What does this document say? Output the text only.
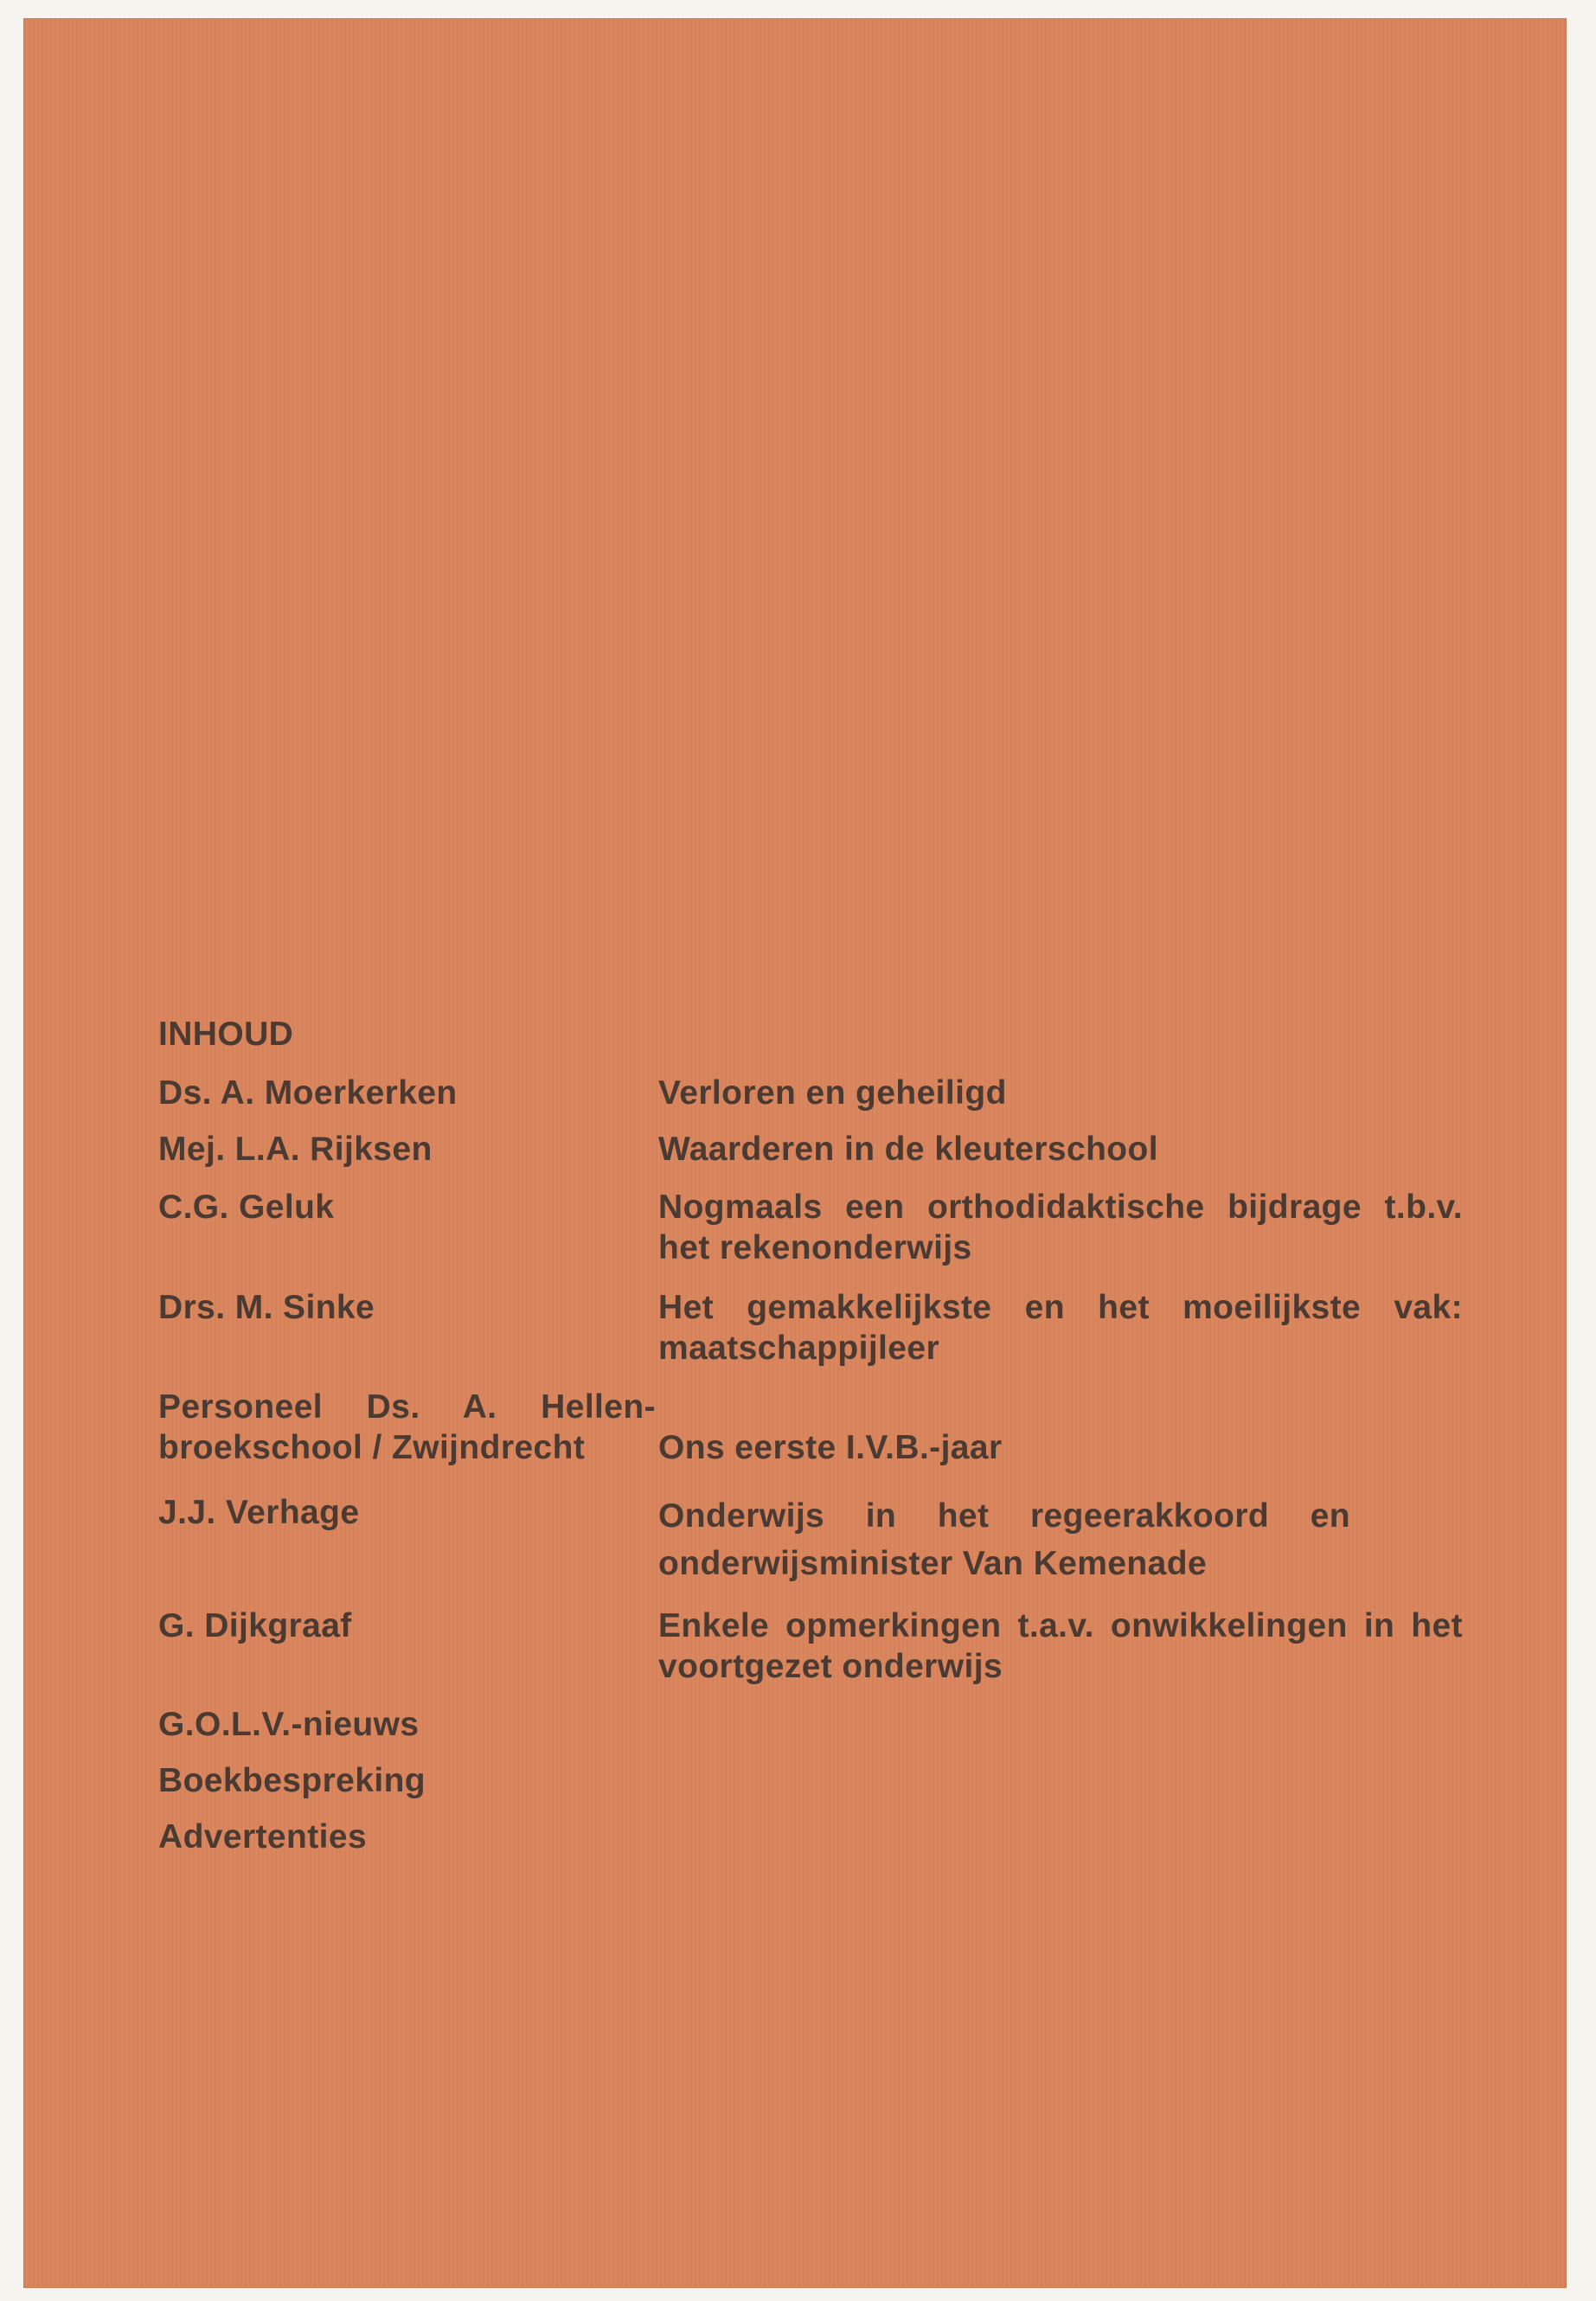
INHOUD
Ds. A. Moerkerken	Verloren en geheiligd
Mej. L.A. Rijksen	Waarderen in de kleuterschool
C.G. Geluk	Nogmaals een orthodidaktische bijdrage t.b.v. het rekenonderwijs
Drs. M. Sinke	Het gemakkelijkste en het moeilijkste vak: maatschappijleer
Personeel Ds. A. Hellen-broekschool / Zwijndrecht	Ons eerste I.V.B.-jaar
J.J. Verhage	Onderwijs in het regeerakkoord en onderwijsminister Van Kemenade
G. Dijkgraaf	Enkele opmerkingen t.a.v. onwikkelingen in het voortgezet onderwijs
G.O.L.V.-nieuws
Boekbespreking
Advertenties
